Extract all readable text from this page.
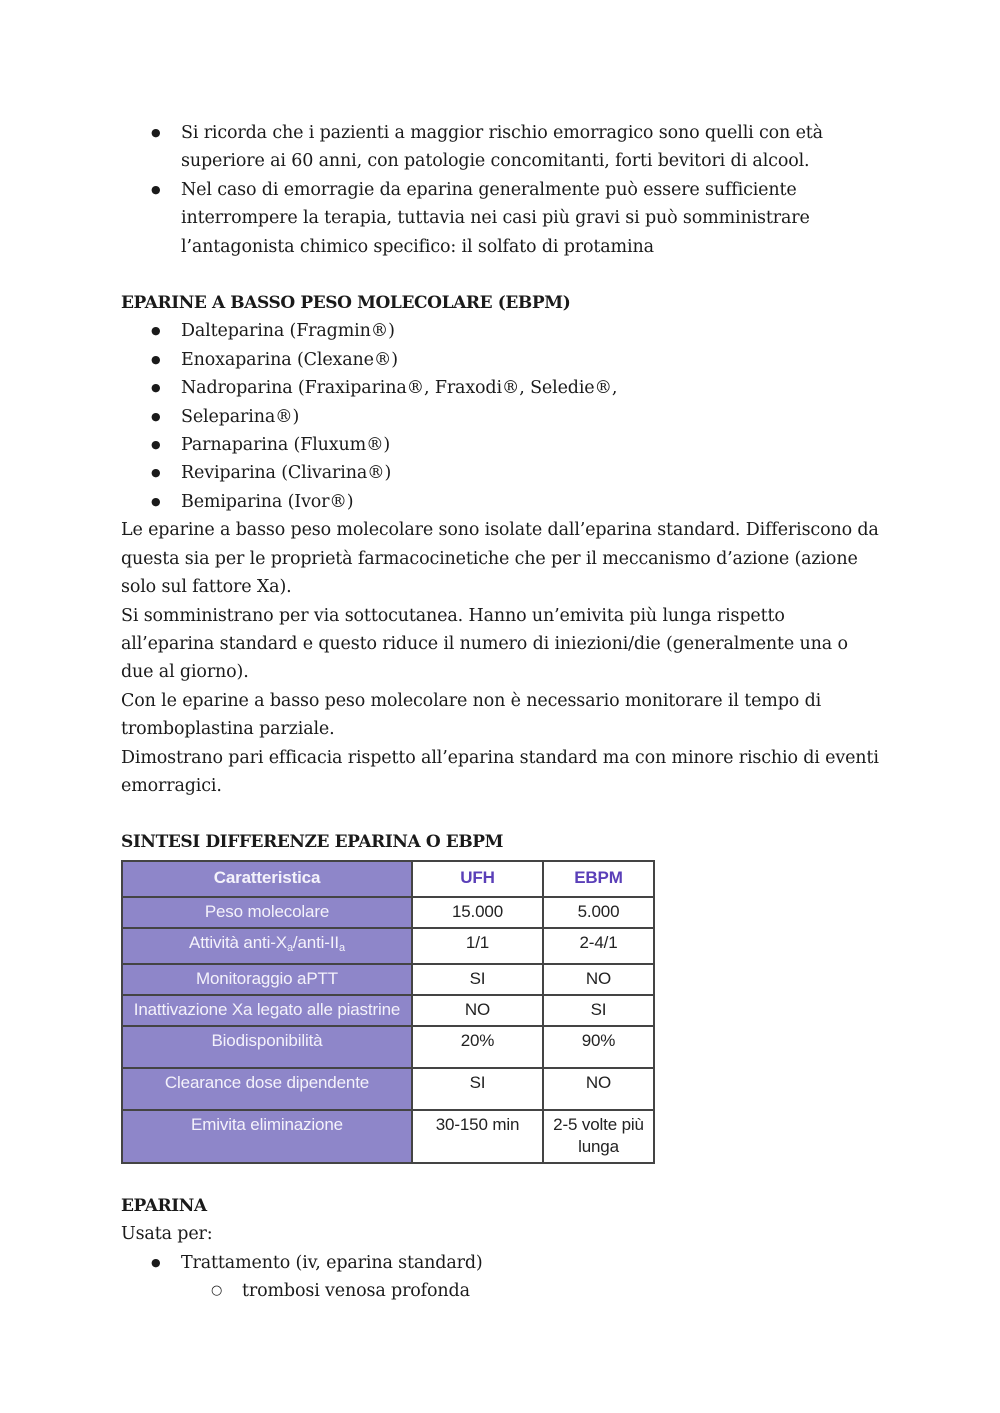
● Si ricorda che i pazienti a maggior rischio emorragico sono quelli con età superiore ai 60 anni, con patologie concomitanti, forti bevitori di alcool.
● Nel caso di emorragie da eparina generalmente può essere sufficiente interrompere la terapia, tuttavia nei casi più gravi si può somministrare l’antagonista chimico specifico: il solfato di protamina

EPARINE A BASSO PESO MOLECOLARE (EBPM)

● Dalteparina (Fragmin®)
● Enoxaparina (Clexane®)
● Nadroparina (Fraxiparina®, Fraxodi®, Seledie®,
● Seleparina®)
● Parnaparina (Fluxum®)
● Reviparina (Clivarina®)
● Bemiparina (Ivor®)

Le eparine a basso peso molecolare sono isolate dall’eparina standard. Differiscono da questa sia per le proprietà farmacocinetiche che per il meccanismo d’azione (azione solo sul fattore Xa).

Si somministrano per via sottocutanea. Hanno un’emivita più lunga rispetto all’eparina standard e questo riduce il numero di iniezioni/die (generalmente una o due al giorno).

Con le eparine a basso peso molecolare non è necessario monitorare il tempo di tromboplastina parziale.

Dimostrano pari efficacia rispetto all’eparina standard ma con minore rischio di eventi emorragici.

SINTESI DIFFERENZE EPARINA O EBPM

Caratteristica	UFH	EBPM
Peso molecolare	15.000	5.000
Attività anti-$X_a/anti-II_a$	1/1	2-4/1
Monitoraggio aPTT	SI	NO
Inattivazione Xa legato alle piastrine	NO	SI
Biodisponibilità	20%	90%
Clearance dose dipendente	SI	NO
Emivita eliminazione	30-150 min	2-5 volte più lunga

EPARINA

Usata per:

● Trattamento (iv, eparina standard)
○ trombosi venosa profonda
